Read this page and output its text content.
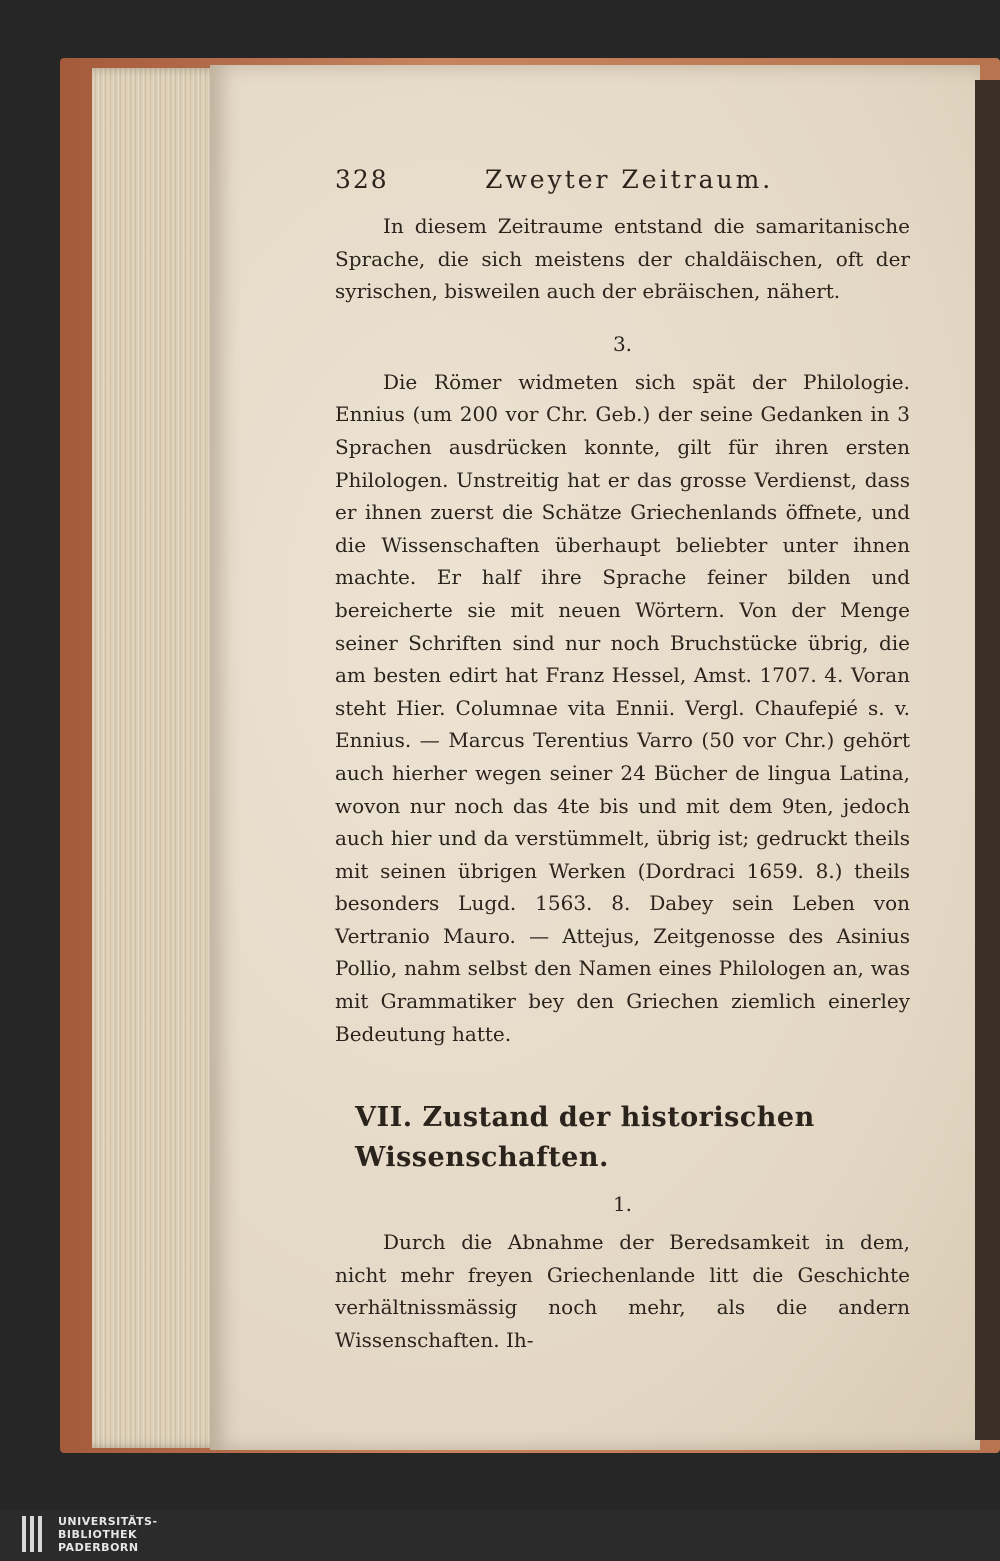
328	Zweyter Zeitraum.

In diesem Zeitraume entstand die samaritanische Sprache, die sich meistens der chaldäischen, oft der syrischen, bisweilen auch der ebräischen, nähert.

3.

Die Römer widmeten sich spät der Philologie. Ennius (um 200 vor Chr. Geb.) der seine Gedanken in 3 Sprachen ausdrücken konnte, gilt für ihren ersten Philologen. Unstreitig hat er das grosse Verdienst, dass er ihnen zuerst die Schätze Griechenlands öffnete, und die Wissenschaften überhaupt beliebter unter ihnen machte. Er half ihre Sprache feiner bilden und bereicherte sie mit neuen Wörtern. Von der Menge seiner Schriften sind nur noch Bruchstücke übrig, die am besten edirt hat Franz Hessel, Amst. 1707. 4. Voran steht Hier. Columnae vita Ennii. Vergl. Chaufepié s. v. Ennius. — Marcus Terentius Varro (50 vor Chr.) gehört auch hierher wegen seiner 24 Bücher de lingua Latina, wovon nur noch das 4te bis und mit dem 9ten, jedoch auch hier und da verstümmelt, übrig ist; gedruckt theils mit seinen übrigen Werken (Dordraci 1659. 8.) theils besonders Lugd. 1563. 8. Dabey sein Leben von Vertranio Mauro. — Attejus, Zeitgenosse des Asinius Pollio, nahm selbst den Namen eines Philologen an, was mit Grammatiker bey den Griechen ziemlich einerley Bedeutung hatte.

VII. Zustand der historischen Wissenschaften.
1.

Durch die Abnahme der Beredsamkeit in dem, nicht mehr freyen Griechenlande litt die Geschichte verhältnissmässig noch mehr, als die andern Wissenschaften. Ih-

UNIVERSITÄTS-
BIBLIOTHEK
PADERBORN
